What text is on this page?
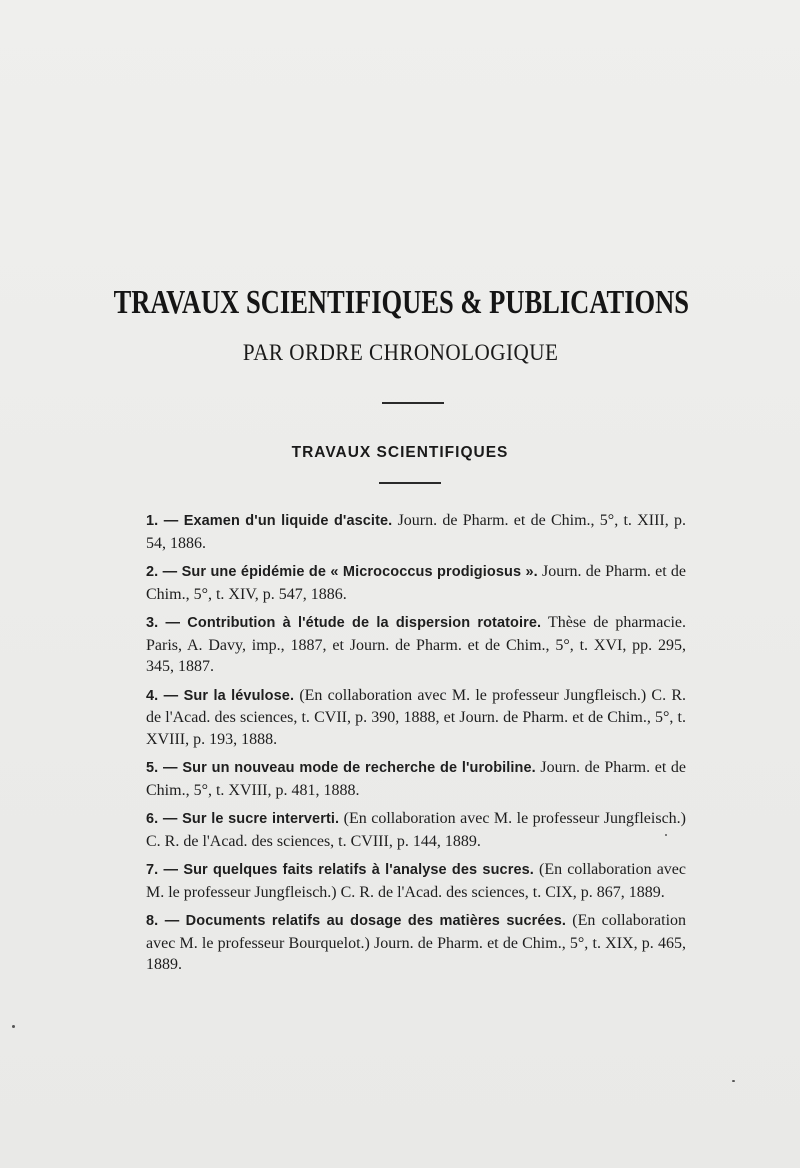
TRAVAUX SCIENTIFIQUES & PUBLICATIONS
PAR ORDRE CHRONOLOGIQUE
TRAVAUX SCIENTIFIQUES
1. — Examen d'un liquide d'ascite. Journ. de Pharm. et de Chim., 5°, t. XIII, p. 54, 1886.
2. — Sur une épidémie de « Micrococcus prodigiosus ». Journ. de Pharm. et de Chim., 5°, t. XIV, p. 547, 1886.
3. — Contribution à l'étude de la dispersion rotatoire. Thèse de pharmacie. Paris, A. Davy, imp., 1887, et Journ. de Pharm. et de Chim., 5°, t. XVI, pp. 295, 345, 1887.
4. — Sur la lévulose. (En collaboration avec M. le professeur Jungfleisch.) C. R. de l'Acad. des sciences, t. CVII, p. 390, 1888, et Journ. de Pharm. et de Chim., 5°, t. XVIII, p. 193, 1888.
5. — Sur un nouveau mode de recherche de l'urobiline. Journ. de Pharm. et de Chim., 5°, t. XVIII, p. 481, 1888.
6. — Sur le sucre interverti. (En collaboration avec M. le professeur Jungfleisch.) C. R. de l'Acad. des sciences, t. CVIII, p. 144, 1889.
7. — Sur quelques faits relatifs à l'analyse des sucres. (En collaboration avec M. le professeur Jungfleisch.) C. R. de l'Acad. des sciences, t. CIX, p. 867, 1889.
8. — Documents relatifs au dosage des matières sucrées. (En collaboration avec M. le professeur Bourquelot.) Journ. de Pharm. et de Chim., 5°, t. XIX, p. 465, 1889.
